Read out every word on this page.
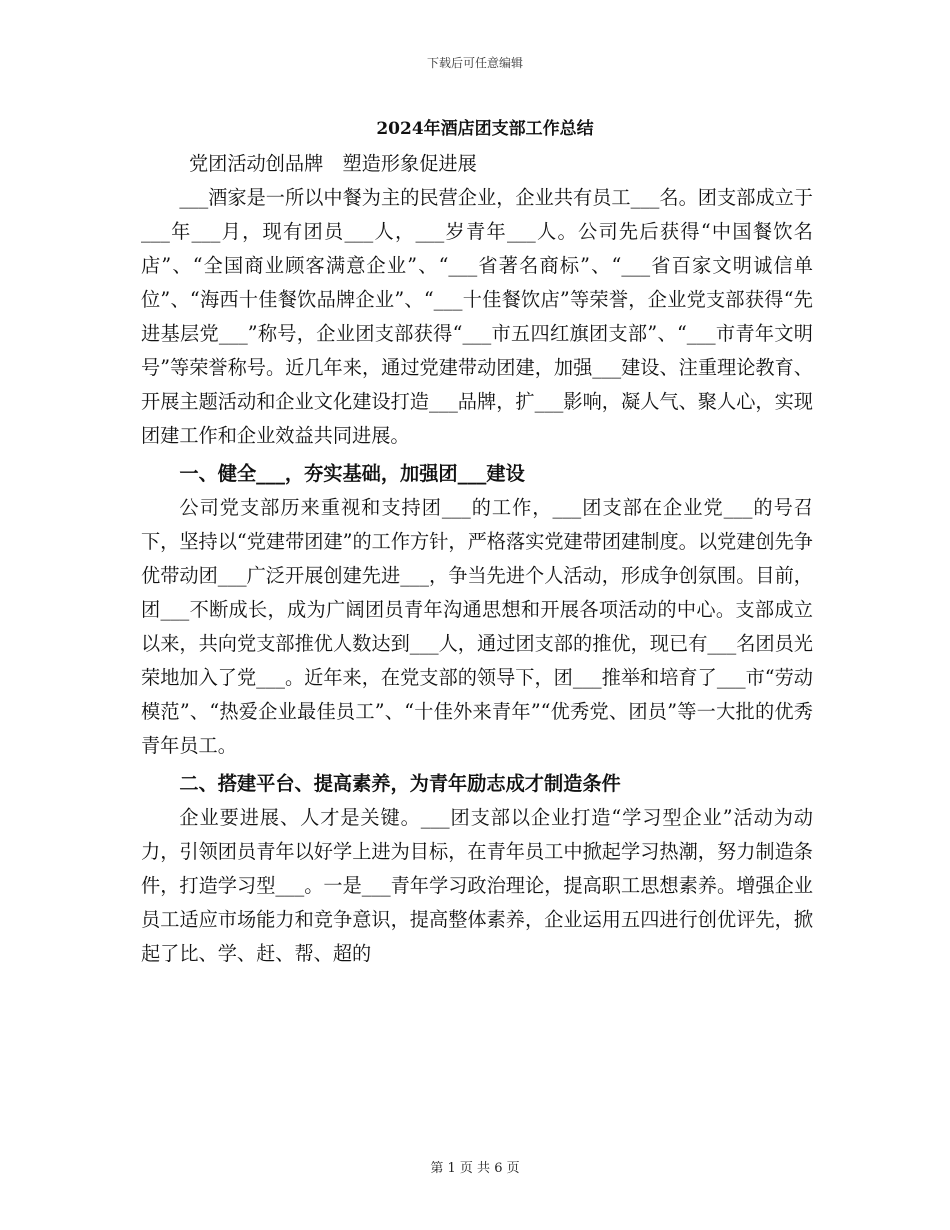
下载后可任意编辑
2024年酒店团支部工作总结

党团活动创品牌　塑造形象促进展

___酒家是一所以中餐为主的民营企业，企业共有员工___名。团支部成立于___年___月，现有团员___人，___岁青年___人。公司先后获得“中国餐饮名店”、“全国商业顾客满意企业”、“___省著名商标”、“___省百家文明诚信单位”、“海西十佳餐饮品牌企业”、“___十佳餐饮店”等荣誉，企业党支部获得“先进基层党___”称号，企业团支部获得“___市五四红旗团支部”、“___市青年文明号”等荣誉称号。近几年来，通过党建带动团建，加强___建设、注重理论教育、开展主题活动和企业文化建设打造___品牌，扩___影响，凝人气、聚人心，实现团建工作和企业效益共同进展。

一、健全___，夯实基础，加强团___建设

公司党支部历来重视和支持团___的工作，___团支部在企业党___的号召下，坚持以“党建带团建”的工作方针，严格落实党建带团建制度。以党建创先争优带动团___广泛开展创建先进___，争当先进个人活动，形成争创氛围。目前，团___不断成长，成为广阔团员青年沟通思想和开展各项活动的中心。支部成立以来，共向党支部推优人数达到___人，通过团支部的推优，现已有___名团员光荣地加入了党___。近年来，在党支部的领导下，团___推举和培育了___市“劳动模范”、“热爱企业最佳员工”、“十佳外来青年”“优秀党、团员”等一大批的优秀青年员工。

二、搭建平台、提高素养，为青年励志成才制造条件

企业要进展、人才是关键。___团支部以企业打造“学习型企业”活动为动力，引领团员青年以好学上进为目标，在青年员工中掀起学习热潮，努力制造条件，打造学习型___。一是___青年学习政治理论，提高职工思想素养。增强企业员工适应市场能力和竞争意识，提高整体素养，企业运用五四进行创优评先，掀起了比、学、赶、帮、超的

第 1 页 共 6 页
